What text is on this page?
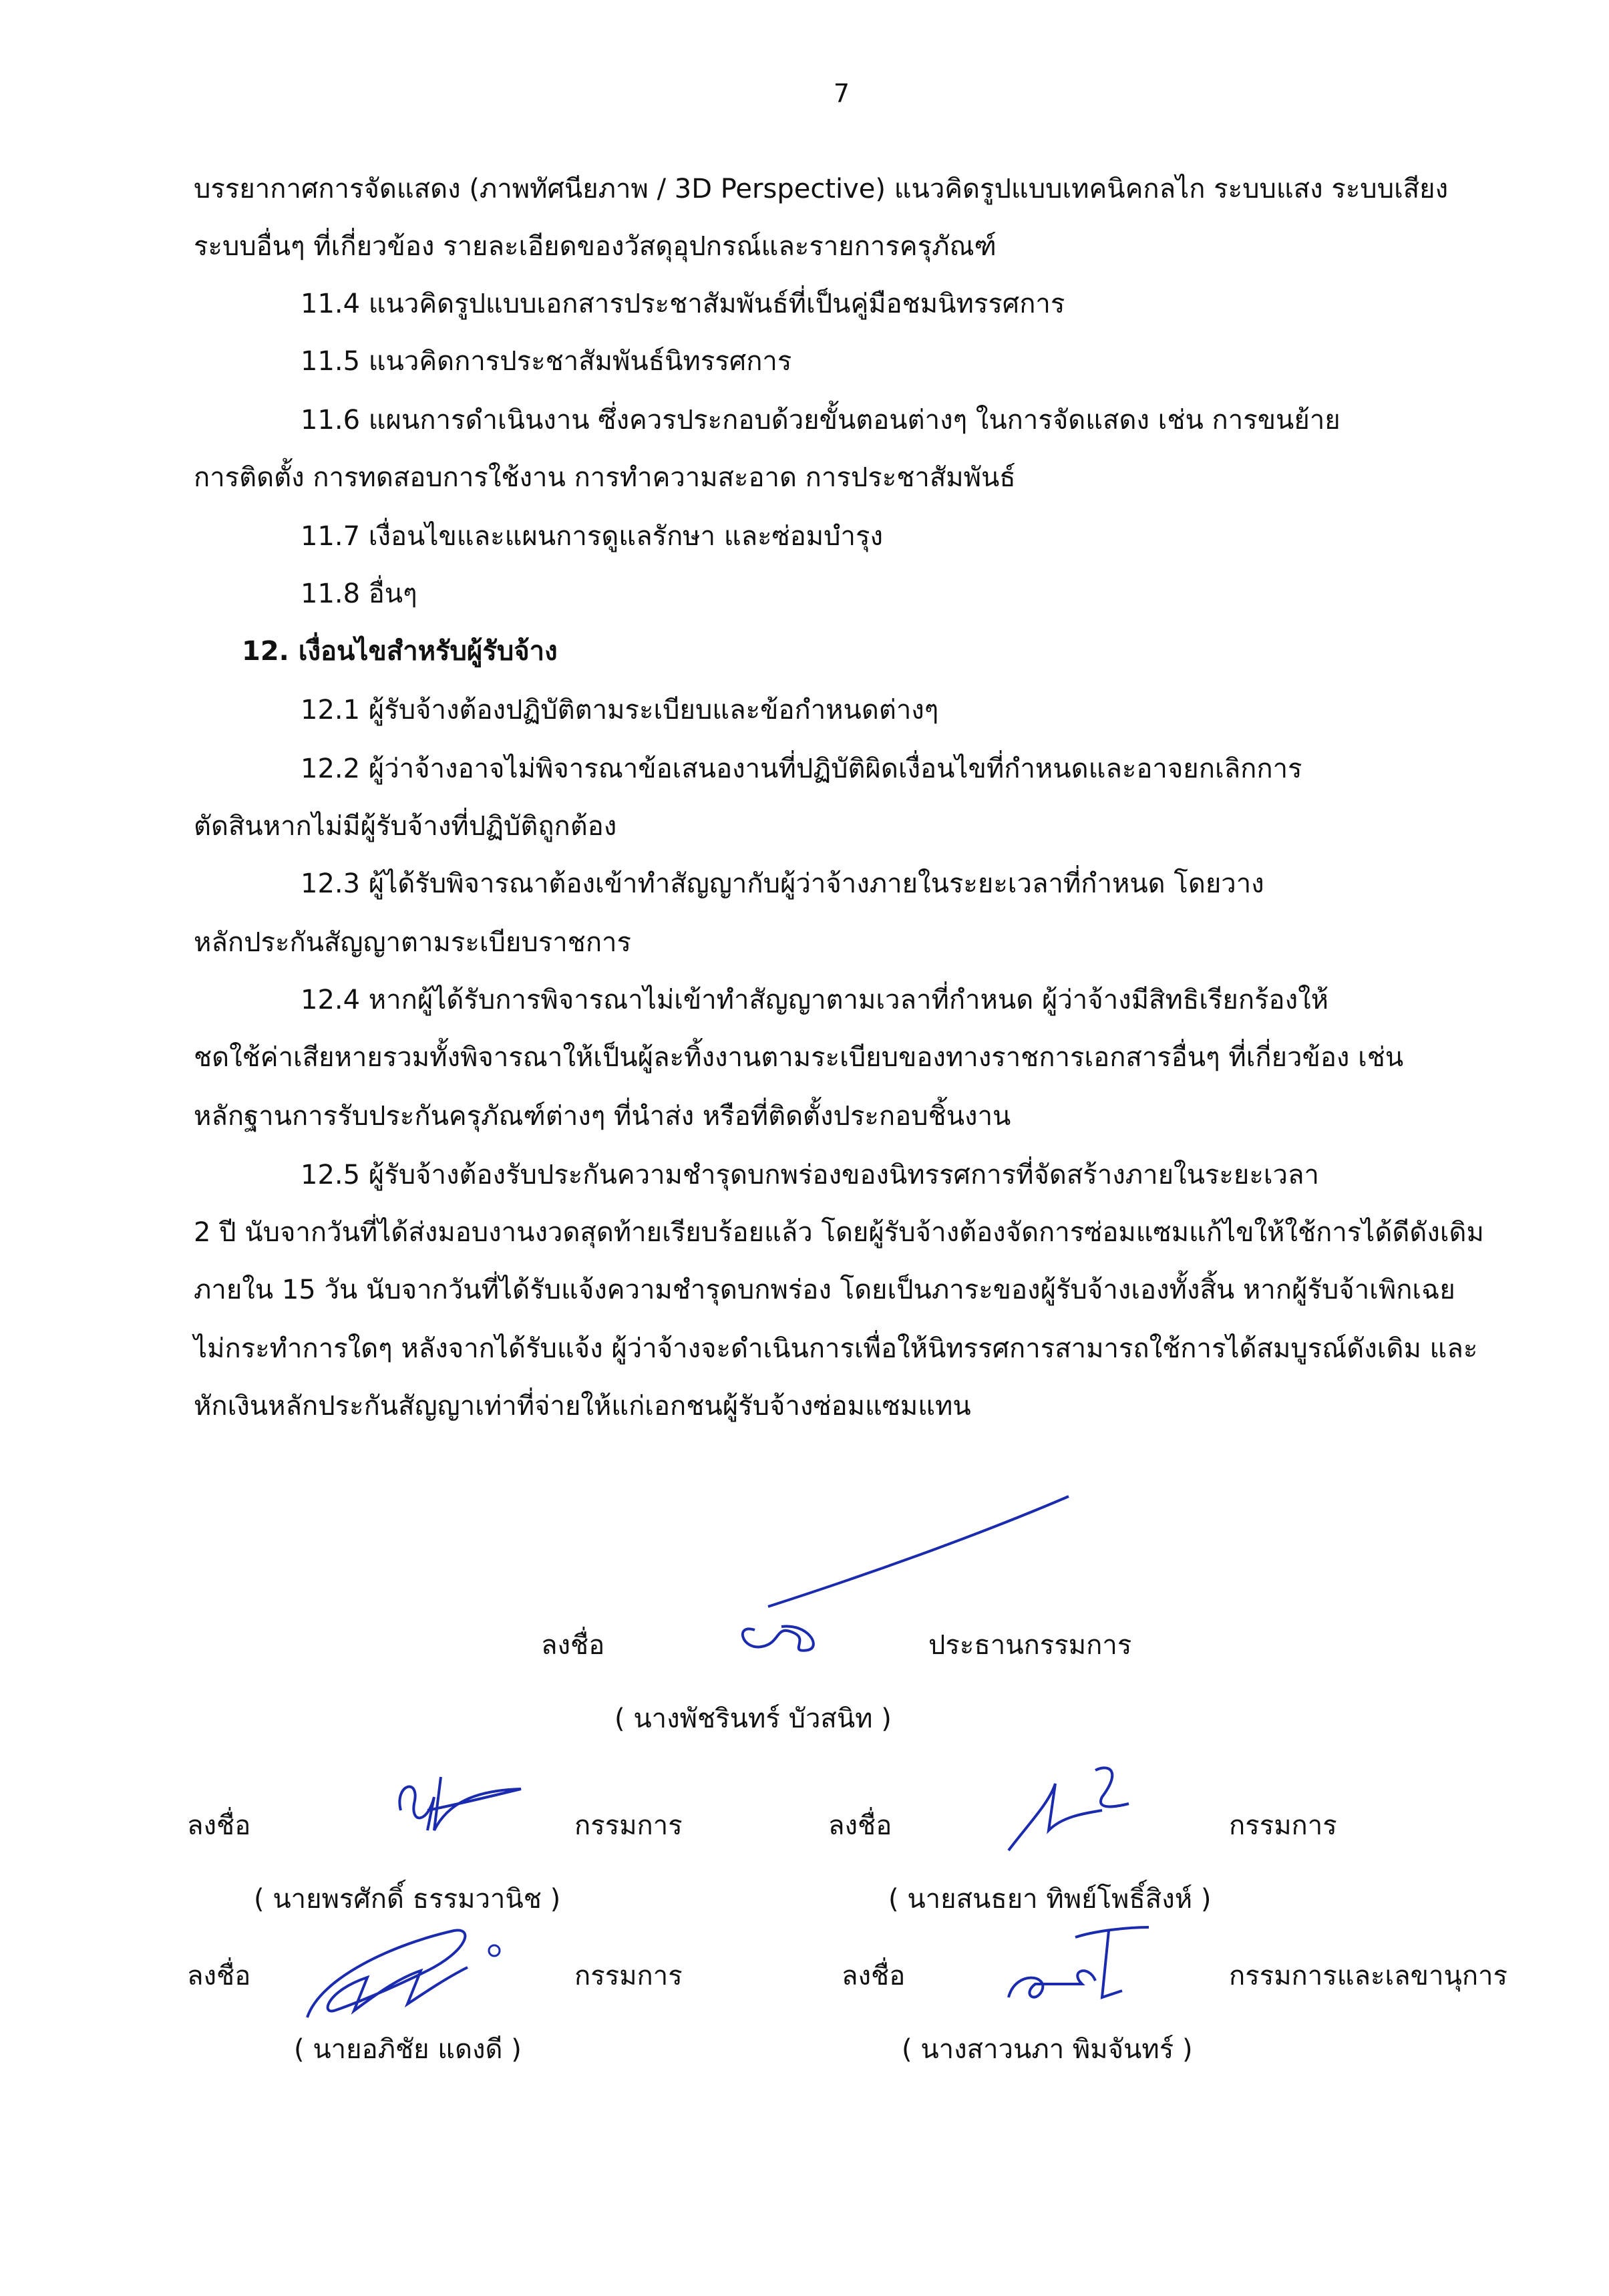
7
บรรยากาศการจัดแสดง (ภาพทัศนียภาพ / 3D Perspective) แนวคิดรูปแบบเทคนิคกลไก ระบบแสง ระบบเสียง
ระบบอื่นๆ ที่เกี่ยวข้อง รายละเอียดของวัสดุอุปกรณ์และรายการครุภัณฑ์
11.4 แนวคิดรูปแบบเอกสารประชาสัมพันธ์ที่เป็นคู่มือชมนิทรรศการ
11.5 แนวคิดการประชาสัมพันธ์นิทรรศการ
11.6 แผนการดำเนินงาน ซึ่งควรประกอบด้วยขั้นตอนต่างๆ ในการจัดแสดง เช่น การขนย้าย
การติดตั้ง การทดสอบการใช้งาน การทำความสะอาด การประชาสัมพันธ์
11.7 เงื่อนไขและแผนการดูแลรักษา และซ่อมบำรุง
11.8 อื่นๆ
12. เงื่อนไขสำหรับผู้รับจ้าง
12.1 ผู้รับจ้างต้องปฏิบัติตามระเบียบและข้อกำหนดต่างๆ
12.2 ผู้ว่าจ้างอาจไม่พิจารณาข้อเสนองานที่ปฏิบัติผิดเงื่อนไขที่กำหนดและอาจยกเลิกการ
ตัดสินหากไม่มีผู้รับจ้างที่ปฏิบัติถูกต้อง
12.3 ผู้ได้รับพิจารณาต้องเข้าทำสัญญากับผู้ว่าจ้างภายในระยะเวลาที่กำหนด โดยวาง
หลักประกันสัญญาตามระเบียบราชการ
12.4 หากผู้ได้รับการพิจารณาไม่เข้าทำสัญญาตามเวลาที่กำหนด ผู้ว่าจ้างมีสิทธิเรียกร้องให้
ชดใช้ค่าเสียหายรวมทั้งพิจารณาให้เป็นผู้ละทิ้งงานตามระเบียบของทางราชการเอกสารอื่นๆ ที่เกี่ยวข้อง เช่น
หลักฐานการรับประกันครุภัณฑ์ต่างๆ ที่นำส่ง หรือที่ติดตั้งประกอบชิ้นงาน
12.5 ผู้รับจ้างต้องรับประกันความชำรุดบกพร่องของนิทรรศการที่จัดสร้างภายในระยะเวลา
2 ปี นับจากวันที่ได้ส่งมอบงานงวดสุดท้ายเรียบร้อยแล้ว โดยผู้รับจ้างต้องจัดการซ่อมแซมแก้ไขให้ใช้การได้ดีดังเดิม
ภายใน 15 วัน นับจากวันที่ได้รับแจ้งความชำรุดบกพร่อง โดยเป็นภาระของผู้รับจ้างเองทั้งสิ้น หากผู้รับจ้าเพิกเฉย
ไม่กระทำการใดๆ หลังจากได้รับแจ้ง ผู้ว่าจ้างจะดำเนินการเพื่อให้นิทรรศการสามารถใช้การได้สมบูรณ์ดังเดิม และ
หักเงินหลักประกันสัญญาเท่าที่จ่ายให้แก่เอกชนผู้รับจ้างซ่อมแซมแทน
ลงชื่อ	ประธานกรรมการ
( นางพัชรินทร์ บัวสนิท )
ลงชื่อ	กรรมการ
( นายพรศักดิ์ ธรรมวานิช )
ลงชื่อ	กรรมการ
( นายสนธยา ทิพย์โพธิ์สิงห์ )
ลงชื่อ	กรรมการ
( นายอภิชัย แดงดี )
ลงชื่อ	กรรมการและเลขานุการ
( นางสาวนภา พิมจันทร์ )
